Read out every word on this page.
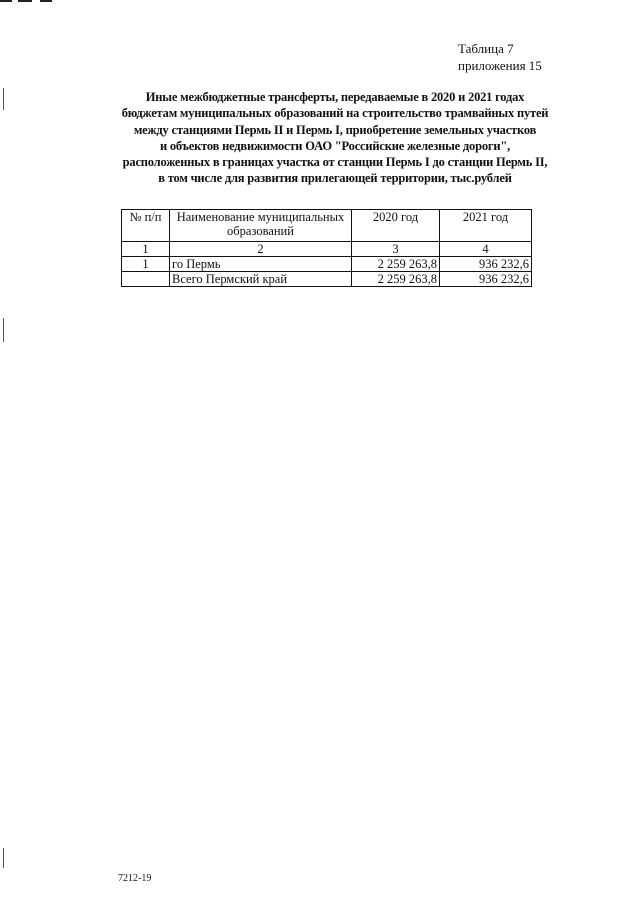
Таблица 7
приложения 15
Иные межбюджетные трансферты, передаваемые в 2020 и 2021 годах
бюджетам муниципальных образований на строительство трамвайных путей
между станциями Пермь II и Пермь I, приобретение земельных участков
и объектов недвижимости ОАО "Российские железные дороги",
расположенных в границах участка от станции Пермь I до станции Пермь II,
в том числе для развития прилегающей территории, тыс.рублей
№ п/п	Наименование муниципальных образований	2020 год	2021 год
1	2	3	4
1	го Пермь	2 259 263,8	936 232,6
	Всего Пермский край	2 259 263,8	936 232,6
7212-19
